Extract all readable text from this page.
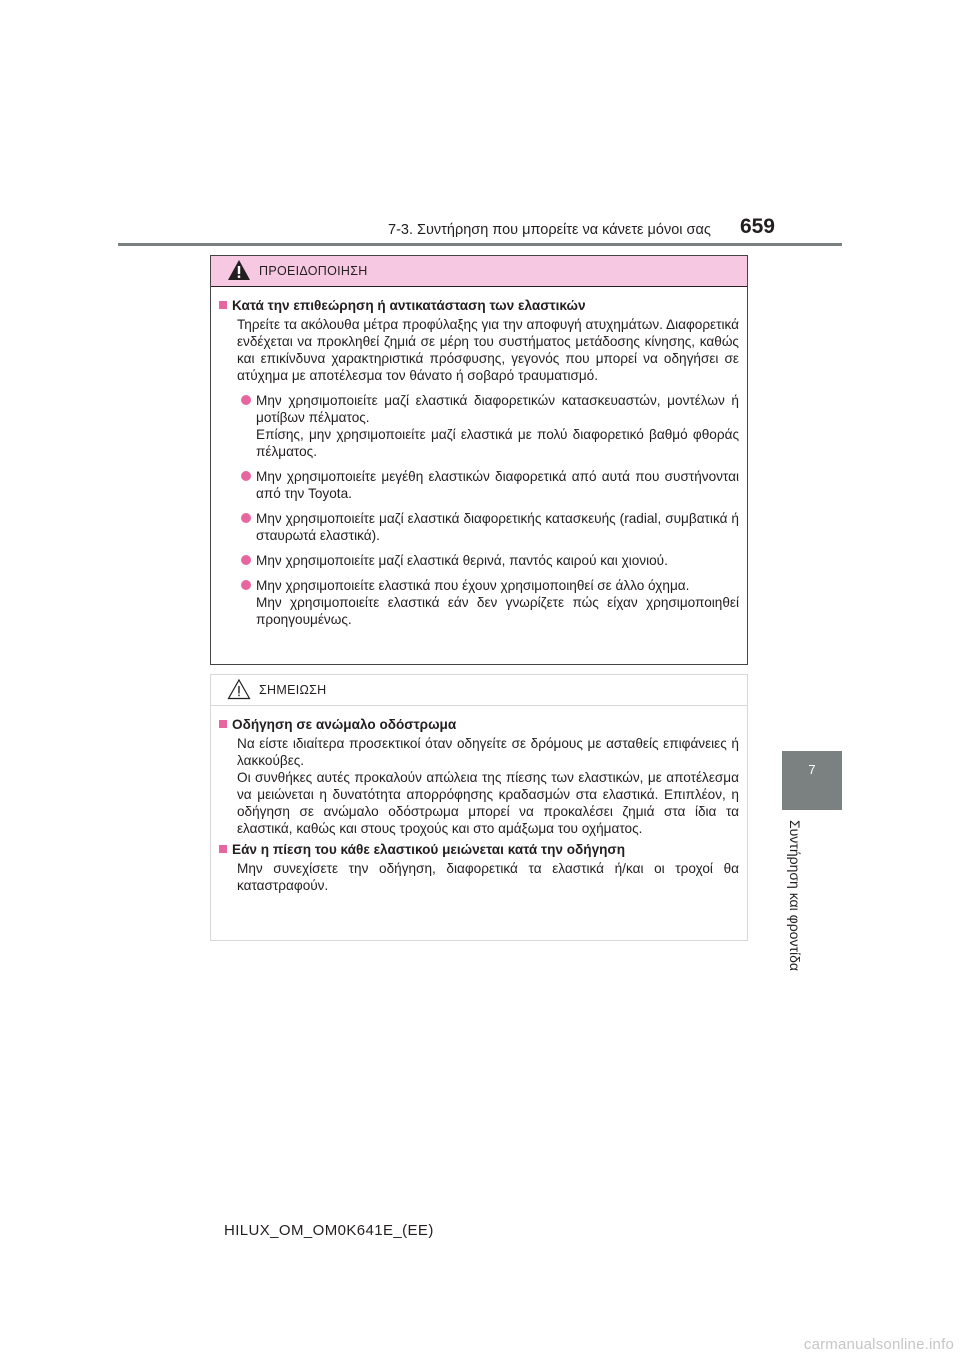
7-3. Συντήρηση που μπορείτε να κάνετε μόνοι σας	659
7
Συντήρηση και φροντίδα
ΠΡΟΕΙΔΟΠΟΙΗΣΗ
Κατά την επιθεώρηση ή αντικατάσταση των ελαστικών

Τηρείτε τα ακόλουθα μέτρα προφύλαξης για την αποφυγή ατυχημάτων. Διαφορετικά ενδέχεται να προκληθεί ζημιά σε μέρη του συστήματος μετάδοσης κίνησης, καθώς και επικίνδυνα χαρακτηριστικά πρόσφυσης, γεγονός που μπορεί να οδηγήσει σε ατύχημα με αποτέλεσμα τον θάνατο ή σοβαρό τραυματισμό.

Μην χρησιμοποιείτε μαζί ελαστικά διαφορετικών κατασκευαστών, μοντέλων ή μοτίβων πέλματος.
Επίσης, μην χρησιμοποιείτε μαζί ελαστικά με πολύ διαφορετικό βαθμό φθοράς πέλματος.
Μην χρησιμοποιείτε μεγέθη ελαστικών διαφορετικά από αυτά που συστήνονται από την Toyota.
Μην χρησιμοποιείτε μαζί ελαστικά διαφορετικής κατασκευής (radial, συμβατικά ή σταυρωτά ελαστικά).
Μην χρησιμοποιείτε μαζί ελαστικά θερινά, παντός καιρού και χιονιού.
Μην χρησιμοποιείτε ελαστικά που έχουν χρησιμοποιηθεί σε άλλο όχημα.
Μην χρησιμοποιείτε ελαστικά εάν δεν γνωρίζετε πώς είχαν χρησιμοποιηθεί προηγουμένως.
ΣΗΜΕΙΩΣΗ
Οδήγηση σε ανώμαλο οδόστρωμα

Να είστε ιδιαίτερα προσεκτικοί όταν οδηγείτε σε δρόμους με ασταθείς επιφάνειες ή λακκούβες.

Οι συνθήκες αυτές προκαλούν απώλεια της πίεσης των ελαστικών, με αποτέλεσμα να μειώνεται η δυνατότητα απορρόφησης κραδασμών στα ελαστικά. Επιπλέον, η οδήγηση σε ανώμαλο οδόστρωμα μπορεί να προκαλέσει ζημιά στα ίδια τα ελαστικά, καθώς και στους τροχούς και στο αμάξωμα του οχήματος.

Εάν η πίεση του κάθε ελαστικού μειώνεται κατά την οδήγηση

Μην συνεχίσετε την οδήγηση, διαφορετικά τα ελαστικά ή/και οι τροχοί θα καταστραφούν.

HILUX_OM_OM0K641E_(EE)
carmanualsonline.info
